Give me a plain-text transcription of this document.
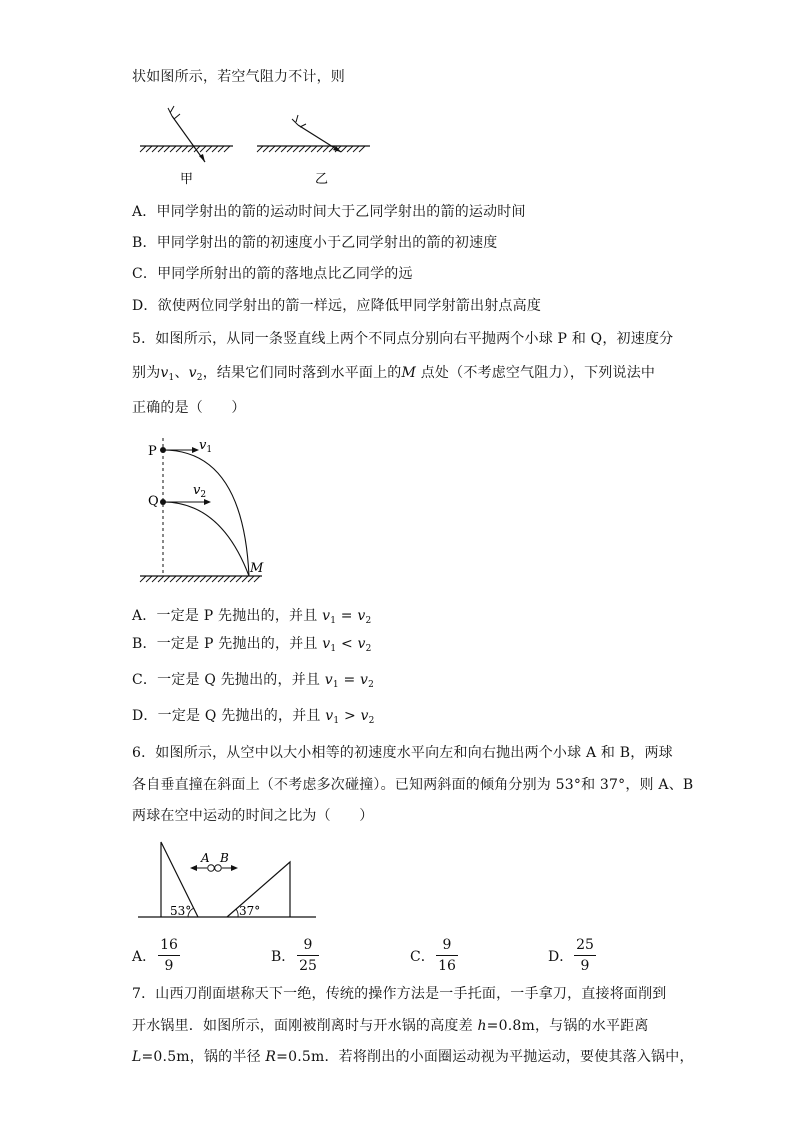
状如图所示，若空气阻力不计，则
甲	乙
A．甲同学射出的箭的运动时间大于乙同学射出的箭的运动时间
B．甲同学射出的箭的初速度小于乙同学射出的箭的初速度
C．甲同学所射出的箭的落地点比乙同学的远
D．欲使两位同学射出的箭一样远，应降低甲同学射箭出射点高度
5．如图所示，从同一条竖直线上两个不同点分别向右平抛两个小球 P 和 Q，初速度分
别为$v_1$、$v_2$，结果它们同时落到水平面上的M 点处（不考虑空气阻力），下列说法中
正确的是（　　）
P
Q
$v_1$
$v_2$
M
A．一定是 P 先抛出的，并且 $v_1 = v_2$
B．一定是 P 先抛出的，并且 $v_1 < v_2$
C．一定是 Q 先抛出的，并且 $v_1 = v_2$
D．一定是 Q 先抛出的，并且 $v_1 > v_2$
6．如图所示，从空中以大小相等的初速度水平向左和向右抛出两个小球 A 和 B，两球
各自垂直撞在斜面上（不考虑多次碰撞）。已知两斜面的倾角分别为 53°和 37°，则 A、B
两球在空中运动的时间之比为（　　）
A B
53°	37°
A．
16
9
B．
9
25
C．
9
16
D．
25
9
7．山西刀削面堪称天下一绝，传统的操作方法是一手托面，一手拿刀，直接将面削到
开水锅里．如图所示，面刚被削离时与开水锅的高度差 h=0.8m，与锅的水平距离
L=0.5m，锅的半径 R=0.5m．若将削出的小面圈运动视为平抛运动，要使其落入锅中，
